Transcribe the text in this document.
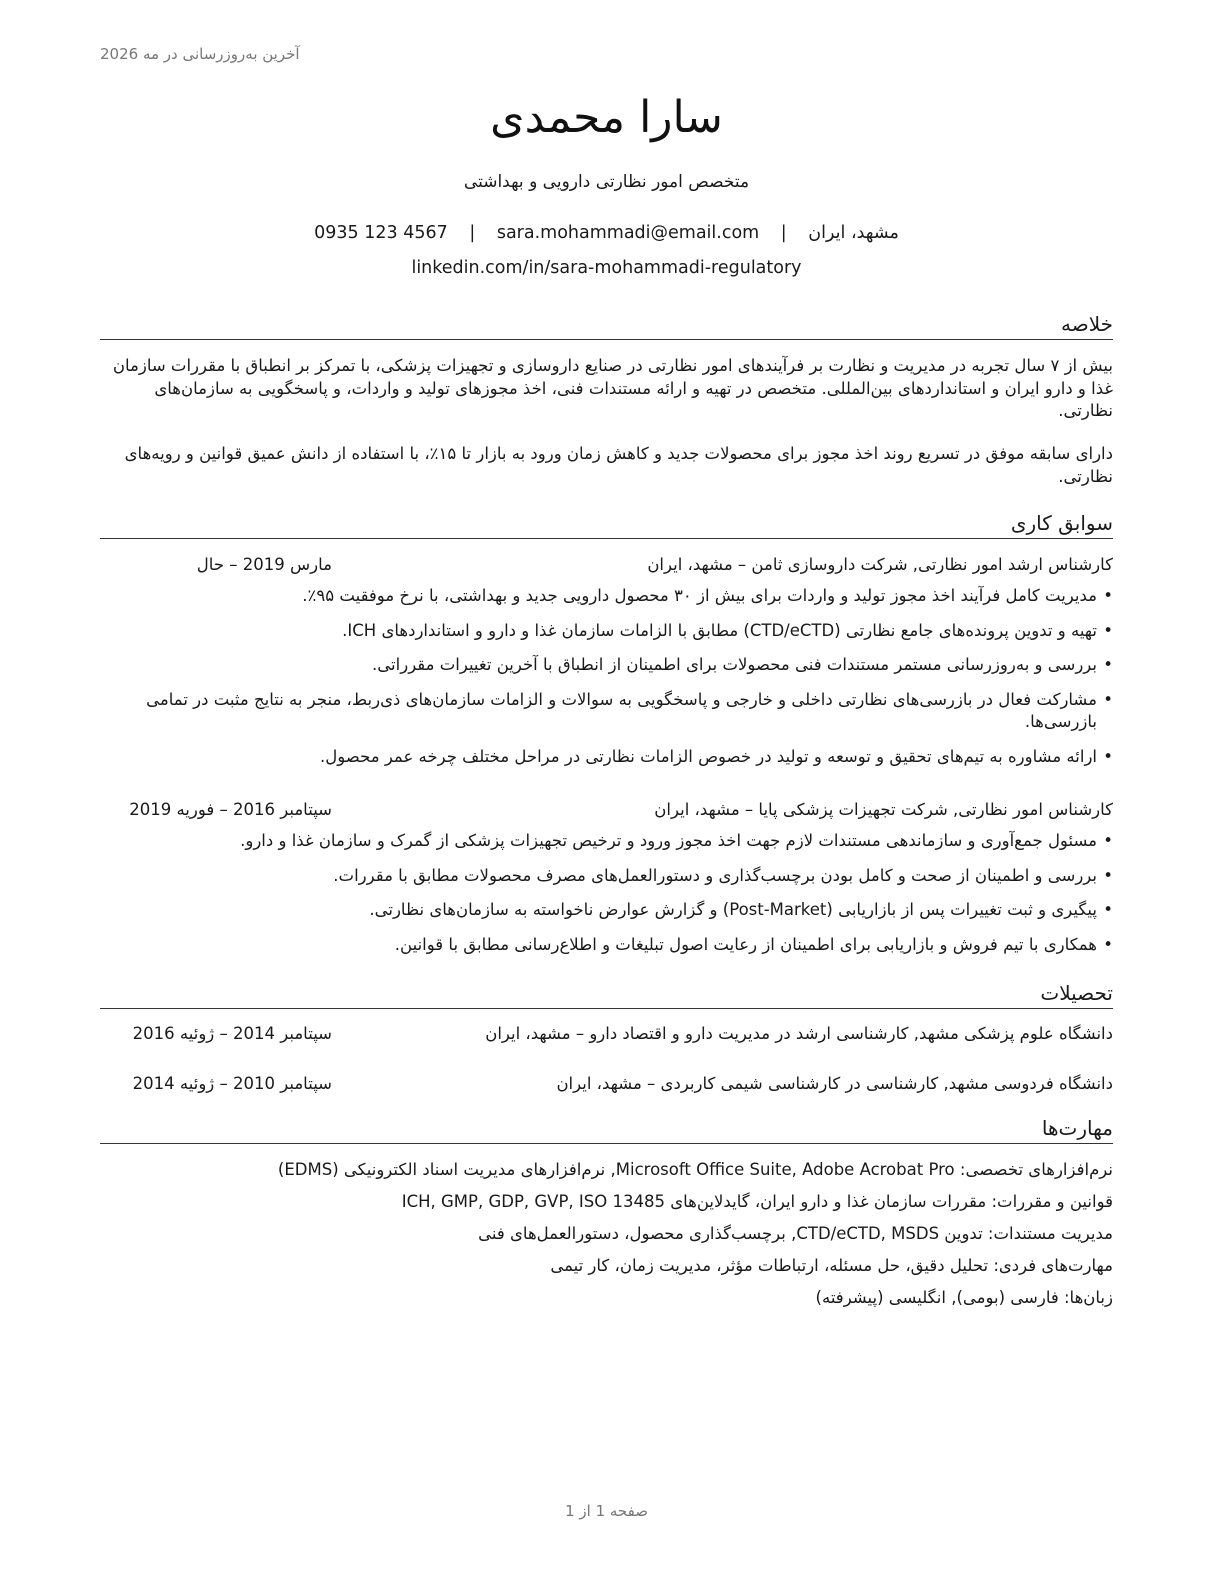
آخرین به‌روزرسانی در مه 2026
سارا محمدی
متخصص امور نظارتی دارویی و بهداشتی
مشهد، ایران | sara.mohammadi@email.com | 0935 123 4567
linkedin.com/in/sara-mohammadi-regulatory
خلاصه
بیش از ۷ سال تجربه در مدیریت و نظارت بر فرآیندهای امور نظارتی در صنایع داروسازی و تجهیزات پزشکی، با تمرکز بر انطباق با مقررات سازمان غذا و دارو ایران و استانداردهای بین‌المللی. متخصص در تهیه و ارائه مستندات فنی، اخذ مجوزهای تولید و واردات، و پاسخگویی به سازمان‌های نظارتی.
دارای سابقه موفق در تسریع روند اخذ مجوز برای محصولات جدید و کاهش زمان ورود به بازار تا ۱۵٪، با استفاده از دانش عمیق قوانین و رویه‌های نظارتی.
سوابق کاری
کارشناس ارشد امور نظارتی, شرکت داروسازی ثامن – مشهد، ایران
مارس 2019 – حال
• مدیریت کامل فرآیند اخذ مجوز تولید و واردات برای بیش از ۳۰ محصول دارویی جدید و بهداشتی، با نرخ موفقیت ۹۵٪.
• تهیه و تدوین پرونده‌های جامع نظارتی (CTD/eCTD) مطابق با الزامات سازمان غذا و دارو و استانداردهای ICH.
• بررسی و به‌روزرسانی مستمر مستندات فنی محصولات برای اطمینان از انطباق با آخرین تغییرات مقرراتی.
• مشارکت فعال در بازرسی‌های نظارتی داخلی و خارجی و پاسخگویی به سوالات و الزامات سازمان‌های ذی‌ربط، منجر به نتایج مثبت در تمامی بازرسی‌ها.
• ارائه مشاوره به تیم‌های تحقیق و توسعه و تولید در خصوص الزامات نظارتی در مراحل مختلف چرخه عمر محصول.
کارشناس امور نظارتی, شرکت تجهیزات پزشکی پایا – مشهد، ایران
سپتامبر 2016 – فوریه 2019
• مسئول جمع‌آوری و سازماندهی مستندات لازم جهت اخذ مجوز ورود و ترخیص تجهیزات پزشکی از گمرک و سازمان غذا و دارو.
• بررسی و اطمینان از صحت و کامل بودن برچسب‌گذاری و دستورالعمل‌های مصرف محصولات مطابق با مقررات.
• پیگیری و ثبت تغییرات پس از بازاریابی (Post-Market) و گزارش عوارض ناخواسته به سازمان‌های نظارتی.
• همکاری با تیم فروش و بازاریابی برای اطمینان از رعایت اصول تبلیغات و اطلاع‌رسانی مطابق با قوانین.
تحصیلات
دانشگاه علوم پزشکی مشهد, کارشناسی ارشد در مدیریت دارو و اقتصاد دارو – مشهد، ایران
سپتامبر 2014 – ژوئیه 2016
دانشگاه فردوسی مشهد, کارشناسی در کارشناسی شیمی کاربردی – مشهد، ایران
سپتامبر 2010 – ژوئیه 2014
مهارت‌ها
نرم‌افزارهای تخصصی: Microsoft Office Suite, Adobe Acrobat Pro, نرم‌افزارهای مدیریت اسناد الکترونیکی (EDMS)
قوانین و مقررات: مقررات سازمان غذا و دارو ایران، گایدلاین‌های ICH, GMP, GDP, GVP, ISO 13485
مدیریت مستندات: تدوین CTD/eCTD, MSDS, برچسب‌گذاری محصول، دستورالعمل‌های فنی
مهارت‌های فردی: تحلیل دقیق، حل مسئله، ارتباطات مؤثر، مدیریت زمان، کار تیمی
زبان‌ها: فارسی (بومی), انگلیسی (پیشرفته)
صفحه 1 از 1
